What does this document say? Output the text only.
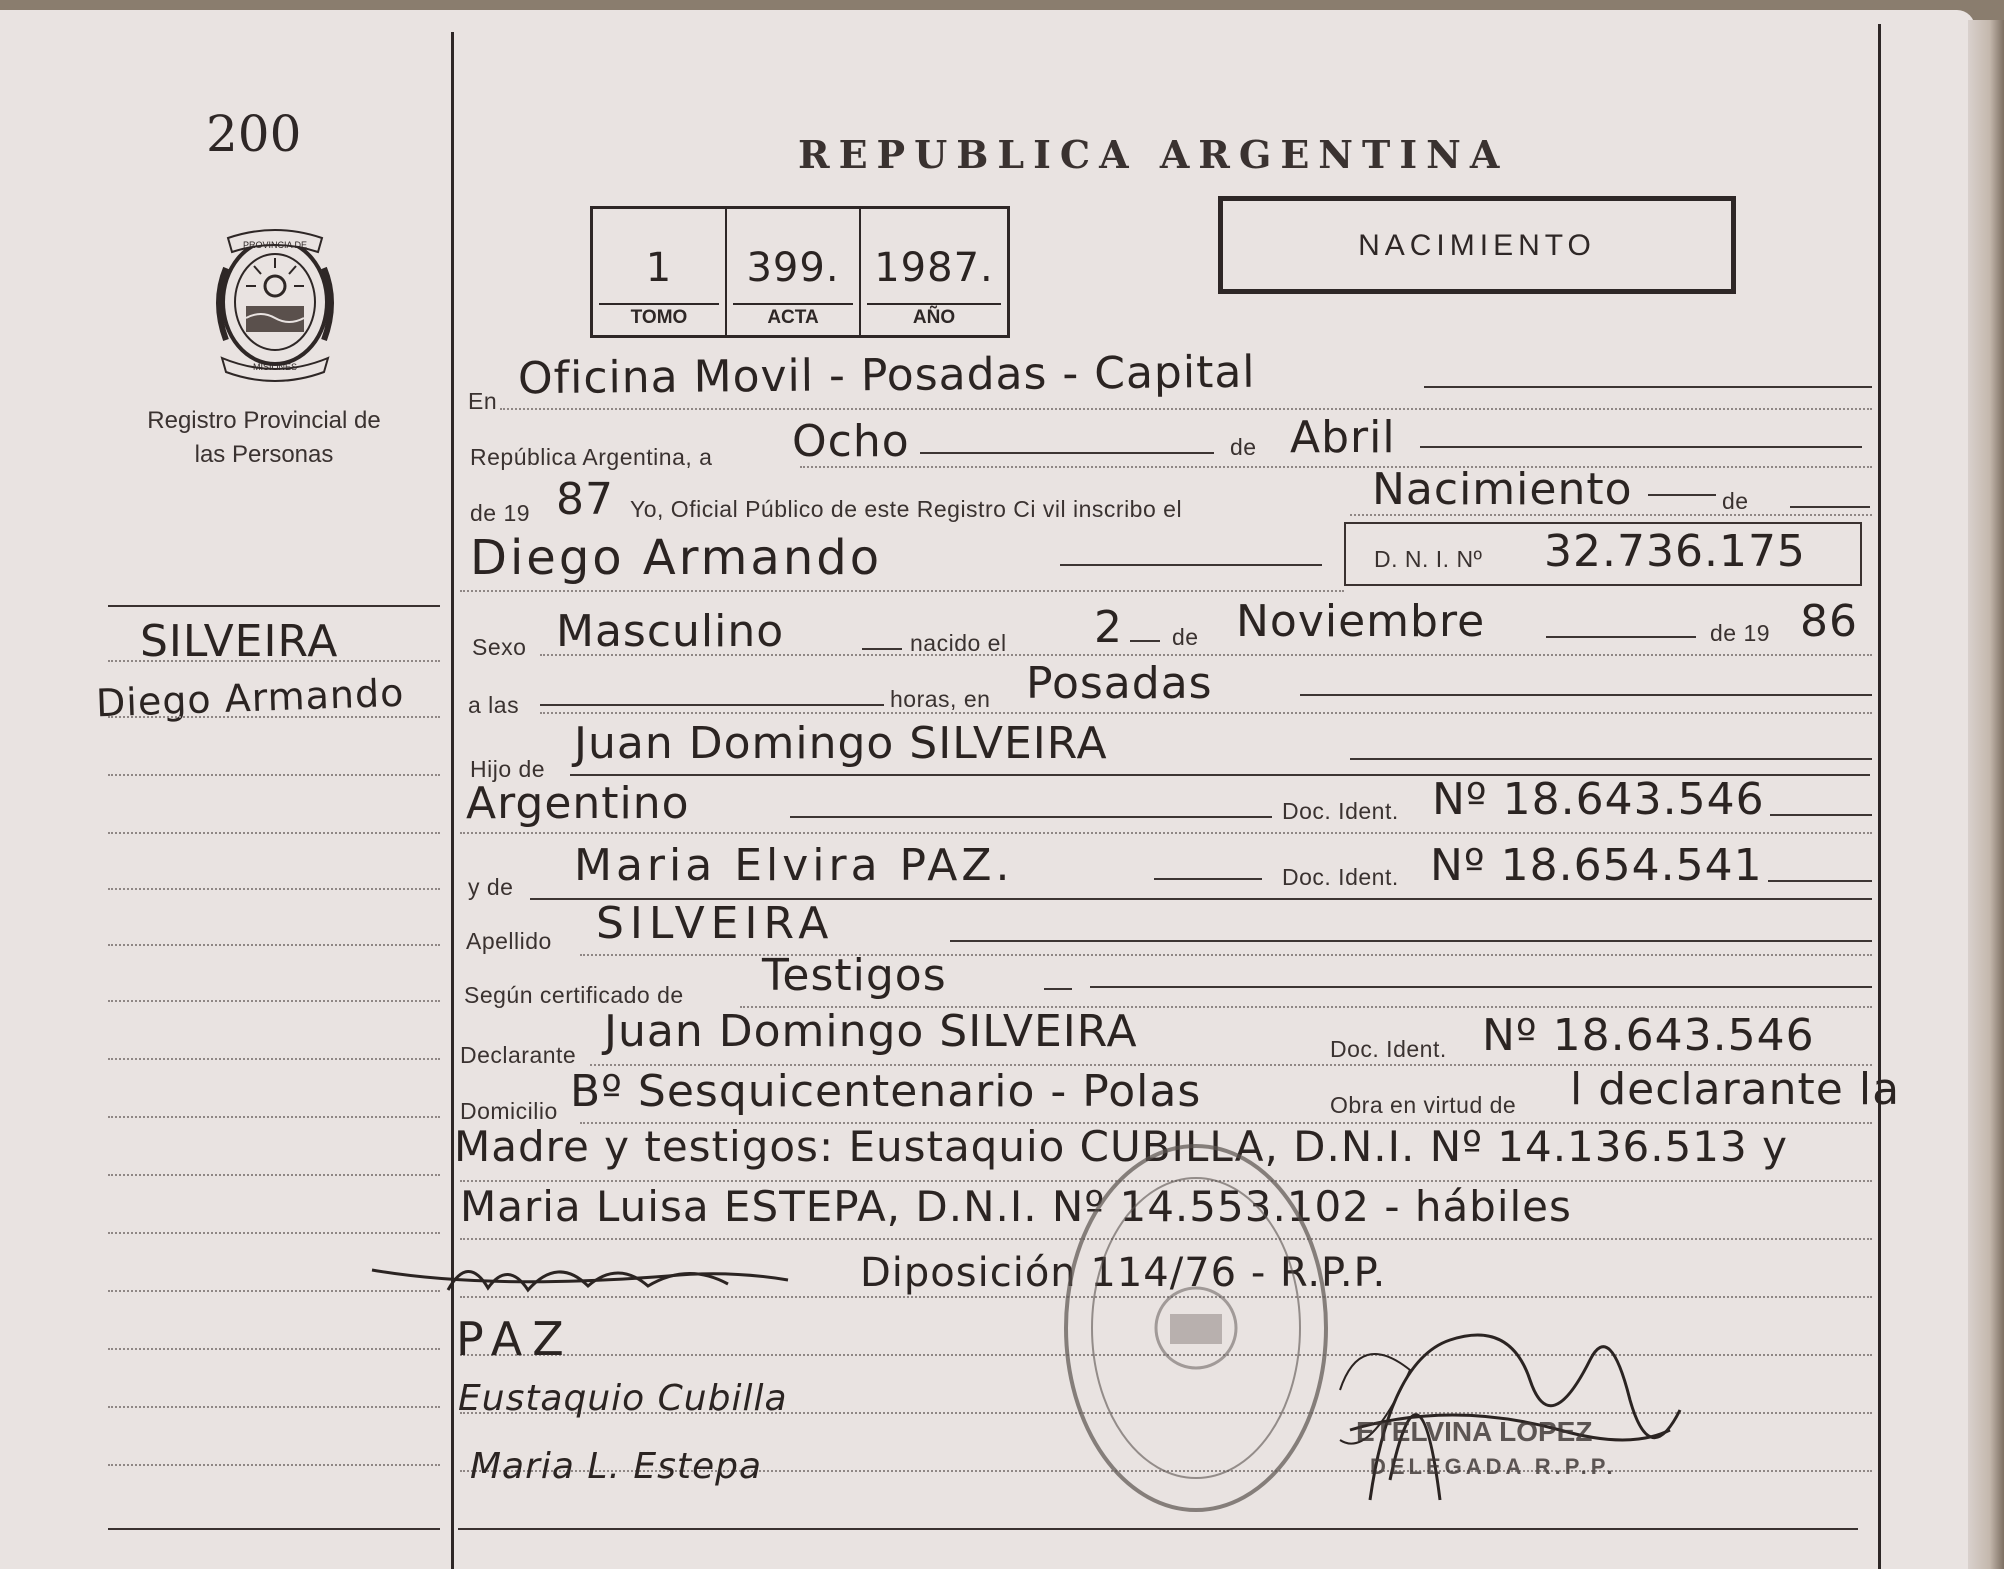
200
PROVINCIA DE
MISIONES
Registro Provincial de las Personas
SILVEIRA
Diego Armando
REPUBLICA ARGENTINA
1
TOMO
399.
ACTA
1987.
AÑO
NACIMIENTO
En Oficina Movil - Posadas - Capital
República Argentina, a Ocho	de Abril
de 19 87 Yo, Oficial Público de este Registro Ci vil inscribo el	Nacimiento	de
Diego Armando	D. N. I. Nº 32.736.175
Sexo Masculino	nacido el 2 de Noviembre	de 19 86
a las	horas, en Posadas
Hijo de Juan Domingo SILVEIRA
Argentino	Doc. Ident. Nº 18.643.546
y de Maria Elvira PAZ.	Doc. Ident. Nº 18.654.541
Apellido SILVEIRA
Según certificado de Testigos
Declarante Juan Domingo SILVEIRA	Doc. Ident. Nº 18.643.546
Domicilio Bº Sesquicentenario - Polas	Obra en virtud de l declarante la
Madre y testigos: Eustaquio CUBILLA, D.N.I. Nº 14.136.513 y
Maria Luisa ESTEPA, D.N.I. Nº 14.553.102 - hábiles
Diposición 114/76 - R.P.P.
PAZ
Eustaquio Cubilla
Maria L. Estepa
ETELVINA LOPEZ
DELEGADA R.P.P.
